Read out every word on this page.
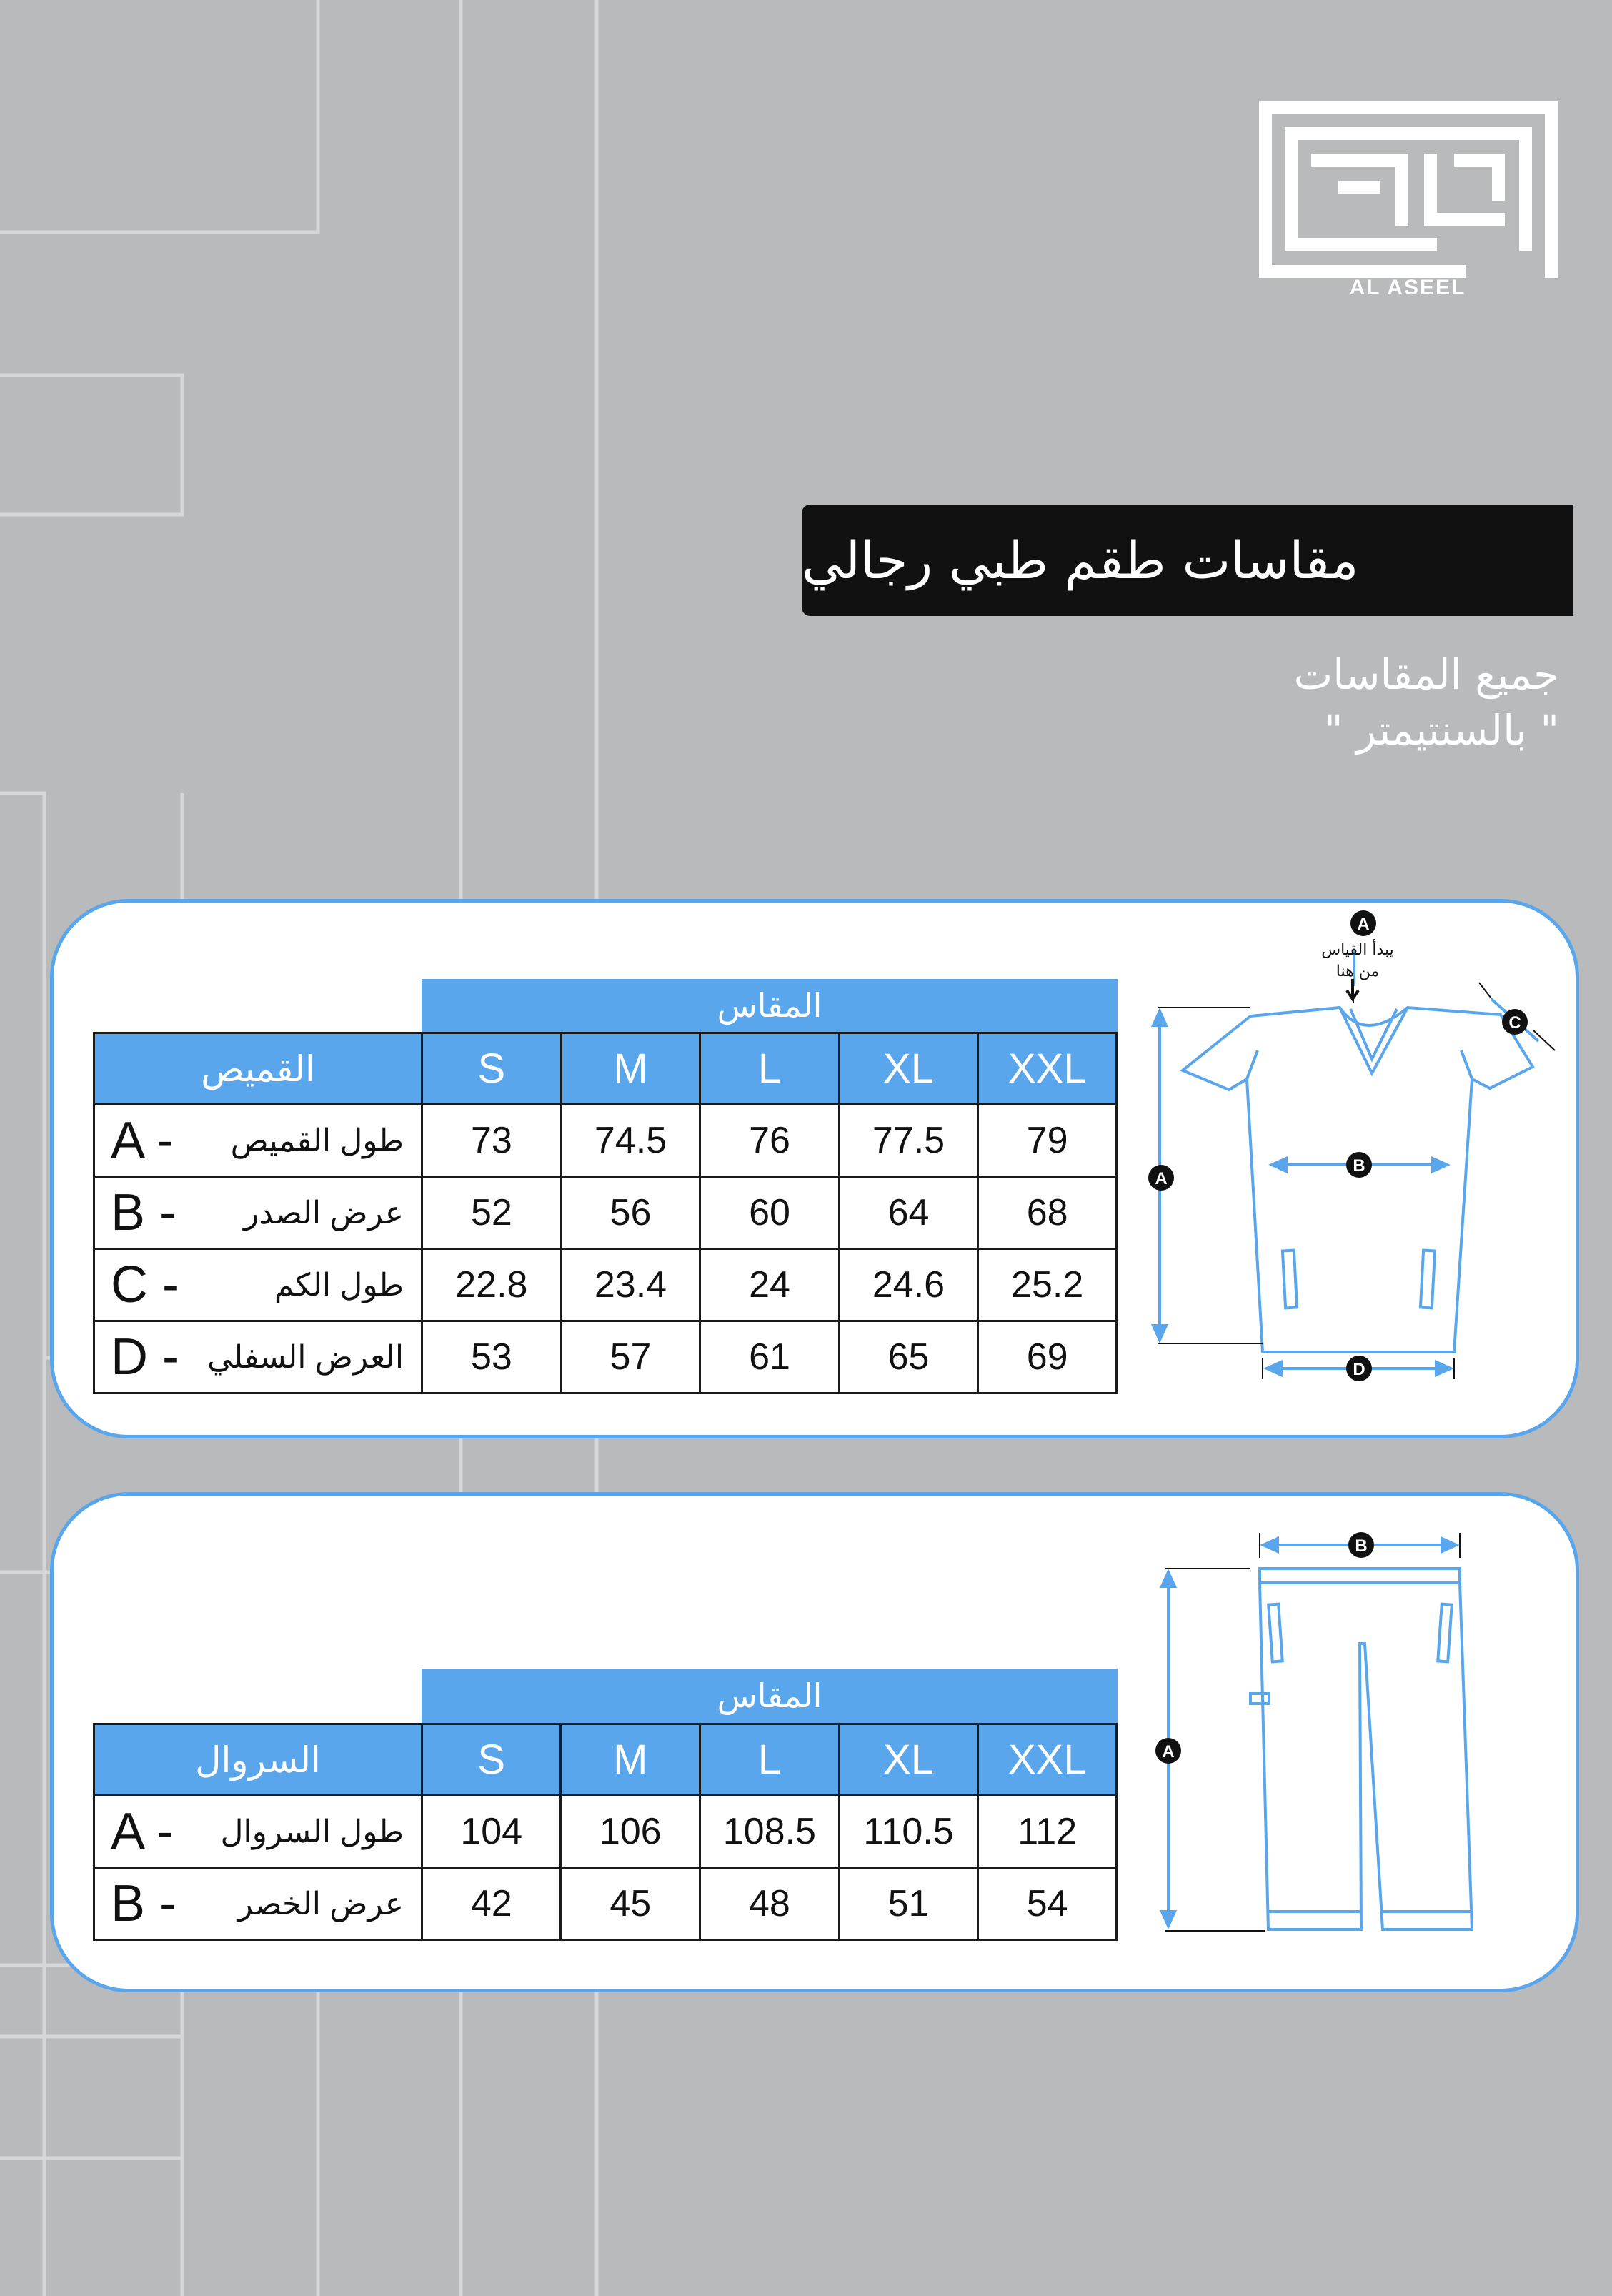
AL ASEEL
مقاسات طقم طبي رجالي
جميع المقاسات
" بالسنتيمتر "
المقاس
القميص	S	M	L	XL	XXL

A - طول القميص	73	74.5	76	77.5	79

B - عرض الصدر	52	56	60	64	68

C - طول الكم	22.8	23.4	24	24.6	25.2

D - العرض السفلي	53	57	61	65	69
A
A
B
C
D
يبدأ القياس
من هنا
المقاس
السروال	S	M	L	XL	XXL

A - طول السروال	104	106	108.5	110.5	112

B - عرض الخصر	42	45	48	51	54
B
A
